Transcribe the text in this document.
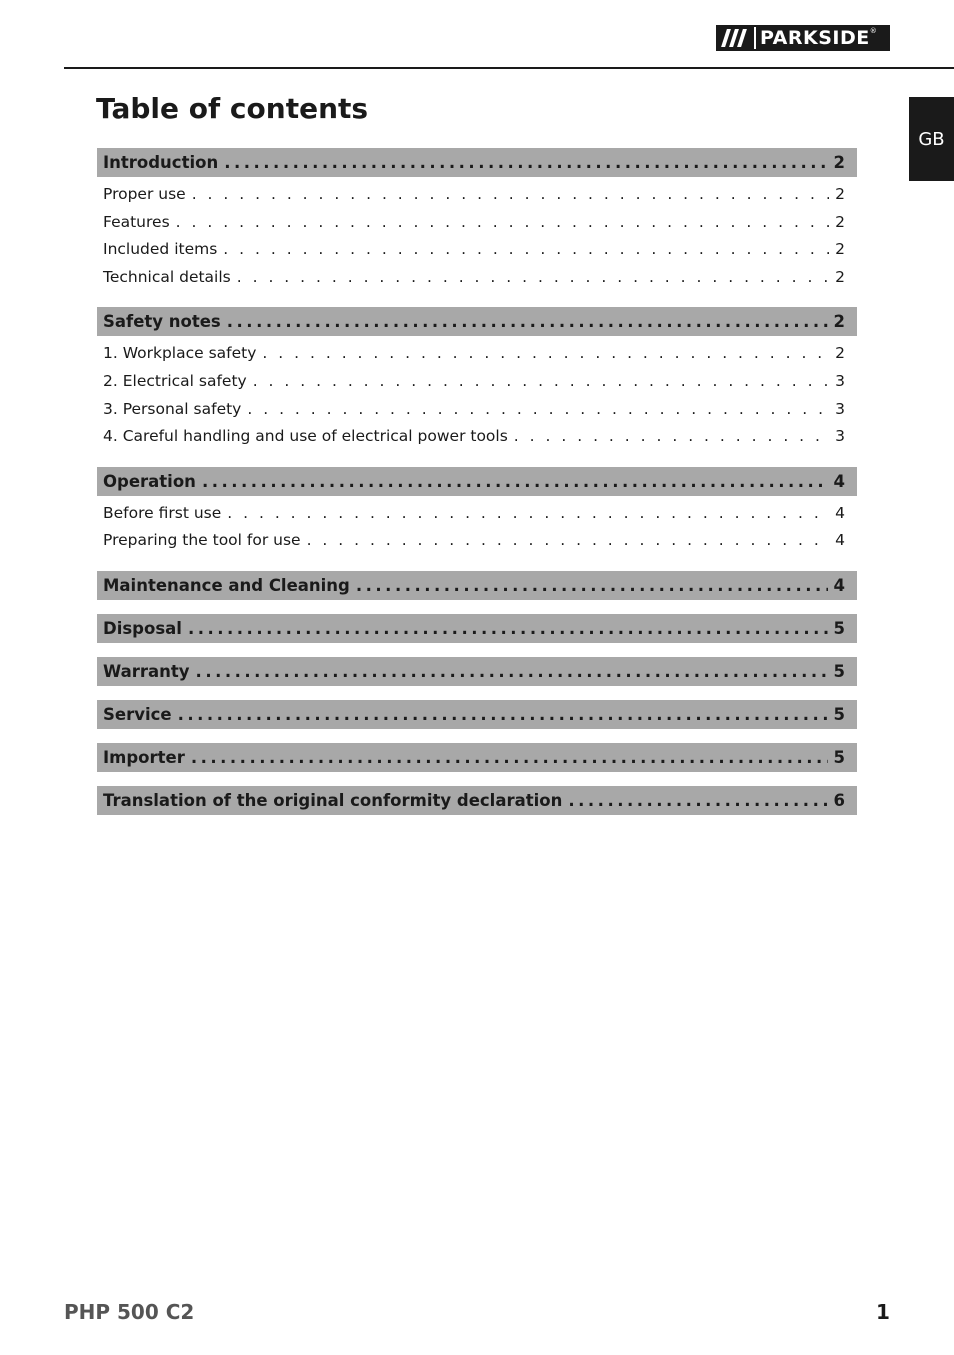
PARKSIDE ®
GB
Table of contents
Introduction .....	2
Proper use . . .	2
Features . . .	2
Included items . . .	2
Technical details . . .	2
Safety notes .....	2
1. Workplace safety . . .	2
2. Electrical safety . . .	3
3. Personal safety . . .	3
4. Careful handling and use of electrical power tools . . .	3
Operation .....	4
Before first use . . .	4
Preparing the tool for use . . .	4
Maintenance and Cleaning .....	4
Disposal .....	5
Warranty .....	5
Service .....	5
Importer .....	5
Translation of the original conformity declaration .....	6
PHP 500 C2	1
